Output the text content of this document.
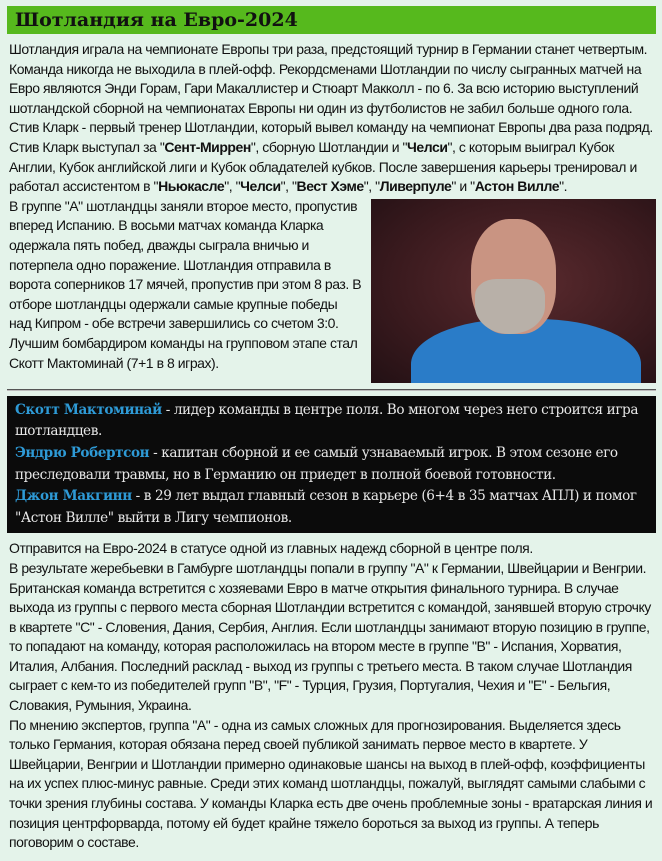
Шотландия на Евро-2024
Шотландия играла на чемпионате Европы три раза, предстоящий турнир в Германии станет четвертым. Команда никогда не выходила в плей-офф. Рекордсменами Шотландии по числу сыгранных матчей на Евро являются Энди Горам, Гари Макаллистер и Стюарт Макколл - по 6. За всю историю выступлений шотландской сборной на чемпионатах Европы ни один из футболистов не забил больше одного гола.
Стив Кларк - первый тренер Шотландии, который вывел команду на чемпионат Европы два раза подряд. Стив Кларк выступал за "Сент-Миррен", сборную Шотландии и "Челси", с которым выиграл Кубок Англии, Кубок английской лиги и Кубок обладателей кубков. После завершения карьеры тренировал и работал ассистентом в "Ньюкасле", "Челси", "Вест Хэме", "Ливерпуле" и "Астон Вилле".
В группе "А" шотландцы заняли второе место, пропустив вперед Испанию. В восьми матчах команда Кларка одержала пять побед, дважды сыграла вничью и потерпела одно поражение. Шотландия отправила в ворота соперников 17 мячей, пропустив при этом 8 раз. В отборе шотландцы одержали самые крупные победы над Кипром - обе встречи завершились со счетом 3:0. Лучшим бомбардиром команды на групповом этапе стал Скотт Мактоминай (7+1 в 8 играх).
Скотт Мактоминай - лидер команды в центре поля. Во многом через него строится игра шотландцев.
Эндрю Робертсон - капитан сборной и ее самый узнаваемый игрок. В этом сезоне его преследовали травмы, но в Германию он приедет в полной боевой готовности.
Джон Макгинн - в 29 лет выдал главный сезон в карьере (6+4 в 35 матчах АПЛ) и помог "Астон Вилле" выйти в Лигу чемпионов.
Отправится на Евро-2024 в статусе одной из главных надежд сборной в центре поля.
В результате жеребьевки в Гамбурге шотландцы попали в группу "А" к Германии, Швейцарии и Венгрии. Британская команда встретится с хозяевами Евро в матче открытия финального турнира. В случае выхода из группы с первого места сборная Шотландии встретится с командой, занявшей вторую строчку в квартете "С" - Словения, Дания, Сербия, Англия. Если шотландцы занимают вторую позицию в группе, то попадают на команду, которая расположилась на втором месте в группе "В" - Испания, Хорватия, Италия, Албания. Последний расклад - выход из группы с третьего места. В таком случае Шотландия сыграет с кем-то из победителей групп "В", "F" - Турция, Грузия, Португалия, Чехия и "Е" - Бельгия, Словакия, Румыния, Украина.
По мнению экспертов, группа "А" - одна из самых сложных для прогнозирования. Выделяется здесь только Германия, которая обязана перед своей публикой занимать первое место в квартете. У Швейцарии, Венгрии и Шотландии примерно одинаковые шансы на выход в плей-офф, коэффициенты на их успех плюс-минус равные. Среди этих команд шотландцы, пожалуй, выглядят самыми слабыми с точки зрения глубины состава. У команды Кларка есть две очень проблемные зоны - вратарская линия и позиция центрфорварда, потому ей будет крайне тяжело бороться за выход из группы. А теперь поговорим о составе.
